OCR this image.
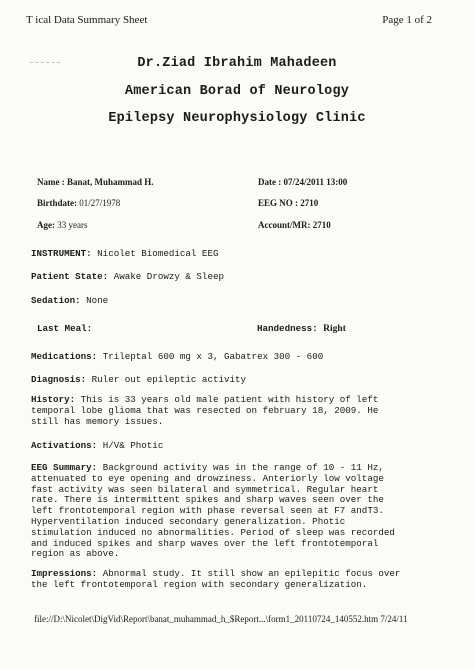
T ical Data Summary Sheet	Page 1 of 2
Dr.Ziad Ibrahim Mahadeen
American Borad of Neurology
Epilepsy Neurophysiology Clinic
Name : Banat, Muhammad H.	Date : 07/24/2011 13:00
Birthdate: 01/27/1978	EEG NO : 2710
Age: 33 years	Account/MR: 2710
INSTRUMENT: Nicolet Biomedical EEG
Patient State: Awake Drowzy & Sleep
Sedation: None
Last Meal:	Handedness: Right
Medications: Trileptal 600 mg x 3, Gabatrex 300 - 600
Diagnosis: Ruler out epileptic activity
History: This is 33 years old male patient with history of left
temporal lobe glioma that was resected on february 18, 2009. He
still has memory issues.
Activations: H/V& Photic
EEG Summary: Background activity was in the range of 10 - 11 Hz,
attenuated to eye opening and drowziness. Anteriorly low voltage
fast activity was seen bilateral and symmetrical. Regular heart
rate. There is intermittent spikes and sharp waves seen over the
left frontotemporal region with phase reversal seen at F7 andT3.
Hyperventilation induced secondary generalization. Photic
stimulation induced no abnormalities. Period of sleep was recorded
and induced spikes and sharp waves over the left frontotemporal
region as above.
Impressions: Abnormal study. It still show an epilepitic focus over
the left frontotemporal region with secondary generalization.
file://D:\Nicolet\DigVid\Report\banat_muhammad_h_$Report...\form1_20110724_140552.htm 7/24/11
